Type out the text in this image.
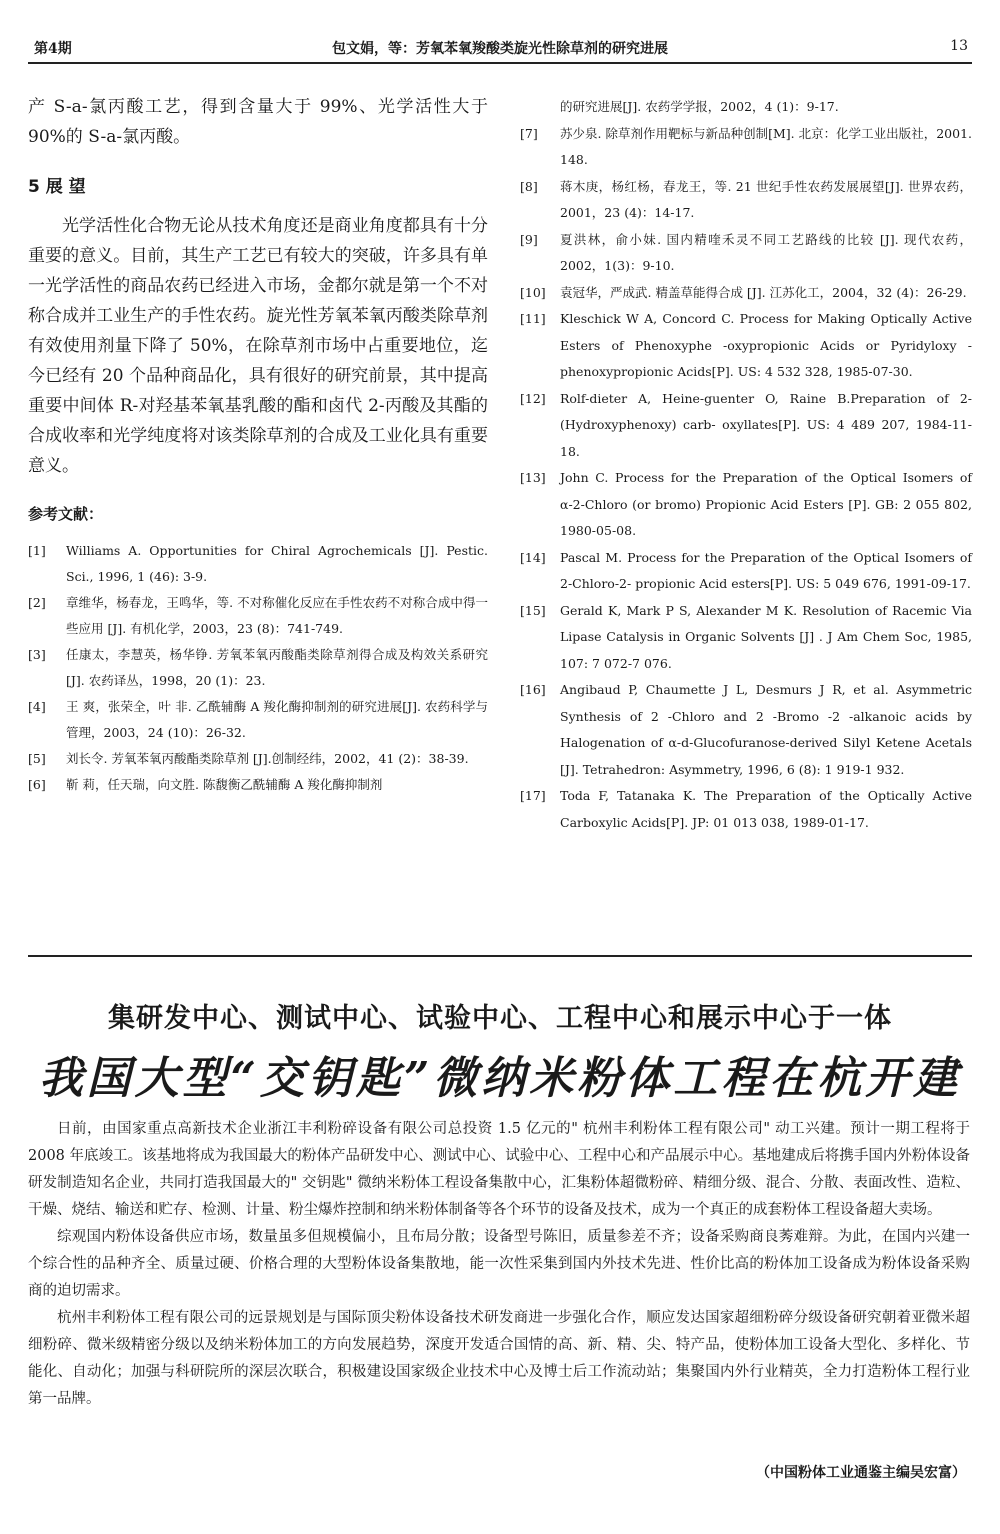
第4期	包文娟，等：芳氧苯氧羧酸类旋光性除草剂的研究进展	13

产 S-a-氯丙酸工艺，得到含量大于 99%、光学活性大于 90%的 S-a-氯丙酸。

5 展 望

光学活性化合物无论从技术角度还是商业角度都具有十分重要的意义。目前，其生产工艺已有较大的突破，许多具有单一光学活性的商品农药已经进入市场，金都尔就是第一个不对称合成并工业生产的手性农药。旋光性芳氧苯氧丙酸类除草剂有效使用剂量下降了 50%，在除草剂市场中占重要地位，迄今已经有 20 个品种商品化，具有很好的研究前景，其中提高重要中间体 R-对羟基苯氧基乳酸的酯和卤代 2-丙酸及其酯的合成收率和光学纯度将对该类除草剂的合成及工业化具有重要意义。

参考文献：
[1] Williams A. Opportunities for Chiral Agrochemicals [J]. Pestic. Sci., 1996, 1 (46): 3-9.
[2] 章维华，杨春龙，王鸣华，等. 不对称催化反应在手性农药不对称合成中得一些应用 [J]. 有机化学，2003，23 (8)：741-749.
[3] 任康太，李慧英，杨华铮. 芳氧苯氧丙酸酯类除草剂得合成及构效关系研究[J]. 农药译丛，1998，20 (1)：23.
[4] 王 爽，张荣全，叶 非. 乙酰辅酶 A 羧化酶抑制剂的研究进展[J]. 农药科学与管理，2003，24 (10)：26-32.
[5] 刘长令. 芳氧苯氧丙酸酯类除草剂 [J].创制经纬，2002，41 (2)：38-39.
[6] 靳 莉，任天瑞，向文胜. 陈馥衡乙酰辅酶 A 羧化酶抑制剂

的研究进展[J]. 农药学学报，2002，4 (1)：9-17.

[7] 苏少泉. 除草剂作用靶标与新品种创制[M]. 北京：化学工业出版社，2001. 148.
[8] 蒋木庚，杨红杨，春龙王，等. 21 世纪手性农药发展展望[J]. 世界农药，2001，23 (4)：14-17.
[9] 夏洪林，俞小妹. 国内精喹禾灵不同工艺路线的比较 [J]. 现代农药，2002，1(3)：9-10.
[10] 袁冠华，严成武. 精盖草能得合成 [J]. 江苏化工，2004，32 (4)：26-29.
[11] Kleschick W A, Concord C. Process for Making Optically Active Esters of Phenoxyphe -oxypropionic Acids or Pyridyloxy -phenoxypropionic Acids[P]. US: 4 532 328, 1985-07-30.
[12] Rolf-dieter A, Heine-guenter O, Raine B.Preparation of 2-(Hydroxyphenoxy) carb- oxyllates[P]. US: 4 489 207, 1984-11-18.
[13] John C. Process for the Preparation of the Optical Isomers of α-2-Chloro (or bromo) Propionic Acid Esters [P]. GB: 2 055 802, 1980-05-08.
[14] Pascal M. Process for the Preparation of the Optical Isomers of 2-Chloro-2- propionic Acid esters[P]. US: 5 049 676, 1991-09-17.
[15] Gerald K, Mark P S, Alexander M K. Resolution of Racemic Via Lipase Catalysis in Organic Solvents [J] . J Am Chem Soc, 1985, 107: 7 072-7 076.
[16] Angibaud P, Chaumette J L, Desmurs J R, et al. Asymmetric Synthesis of 2 -Chloro and 2 -Bromo -2 -alkanoic acids by Halogenation of α-d-Glucofuranose-derived Silyl Ketene Acetals [J]. Tetrahedron: Asymmetry, 1996, 6 (8): 1 919-1 932.
[17] Toda F, Tatanaka K. The Preparation of the Optically Active Carboxylic Acids[P]. JP: 01 013 038, 1989-01-17.
集研发中心、测试中心、试验中心、工程中心和展示中心于一体
我国大型“交钥匙”微纳米粉体工程在杭开建

日前，由国家重点高新技术企业浙江丰利粉碎设备有限公司总投资 1.5 亿元的" 杭州丰利粉体工程有限公司" 动工兴建。预计一期工程将于 2008 年底竣工。该基地将成为我国最大的粉体产品研发中心、测试中心、试验中心、工程中心和产品展示中心。基地建成后将携手国内外粉体设备研发制造知名企业，共同打造我国最大的" 交钥匙" 微纳米粉体工程设备集散中心，汇集粉体超微粉碎、精细分级、混合、分散、表面改性、造粒、干燥、烧结、输送和贮存、检测、计量、粉尘爆炸控制和纳米粉体制备等各个环节的设备及技术，成为一个真正的成套粉体工程设备超大卖场。

综观国内粉体设备供应市场，数量虽多但规模偏小，且布局分散；设备型号陈旧，质量参差不齐；设备采购商良莠难辩。为此，在国内兴建一个综合性的品种齐全、质量过硬、价格合理的大型粉体设备集散地，能一次性采集到国内外技术先进、性价比高的粉体加工设备成为粉体设备采购商的迫切需求。

杭州丰利粉体工程有限公司的远景规划是与国际顶尖粉体设备技术研发商进一步强化合作，顺应发达国家超细粉碎分级设备研究朝着亚微米超细粉碎、微米级精密分级以及纳米粉体加工的方向发展趋势，深度开发适合国情的高、新、精、尖、特产品，使粉体加工设备大型化、多样化、节能化、自动化；加强与科研院所的深层次联合，积极建设国家级企业技术中心及博士后工作流动站；集聚国内外行业精英，全力打造粉体工程行业第一品牌。

（中国粉体工业通鉴主编吴宏富）
